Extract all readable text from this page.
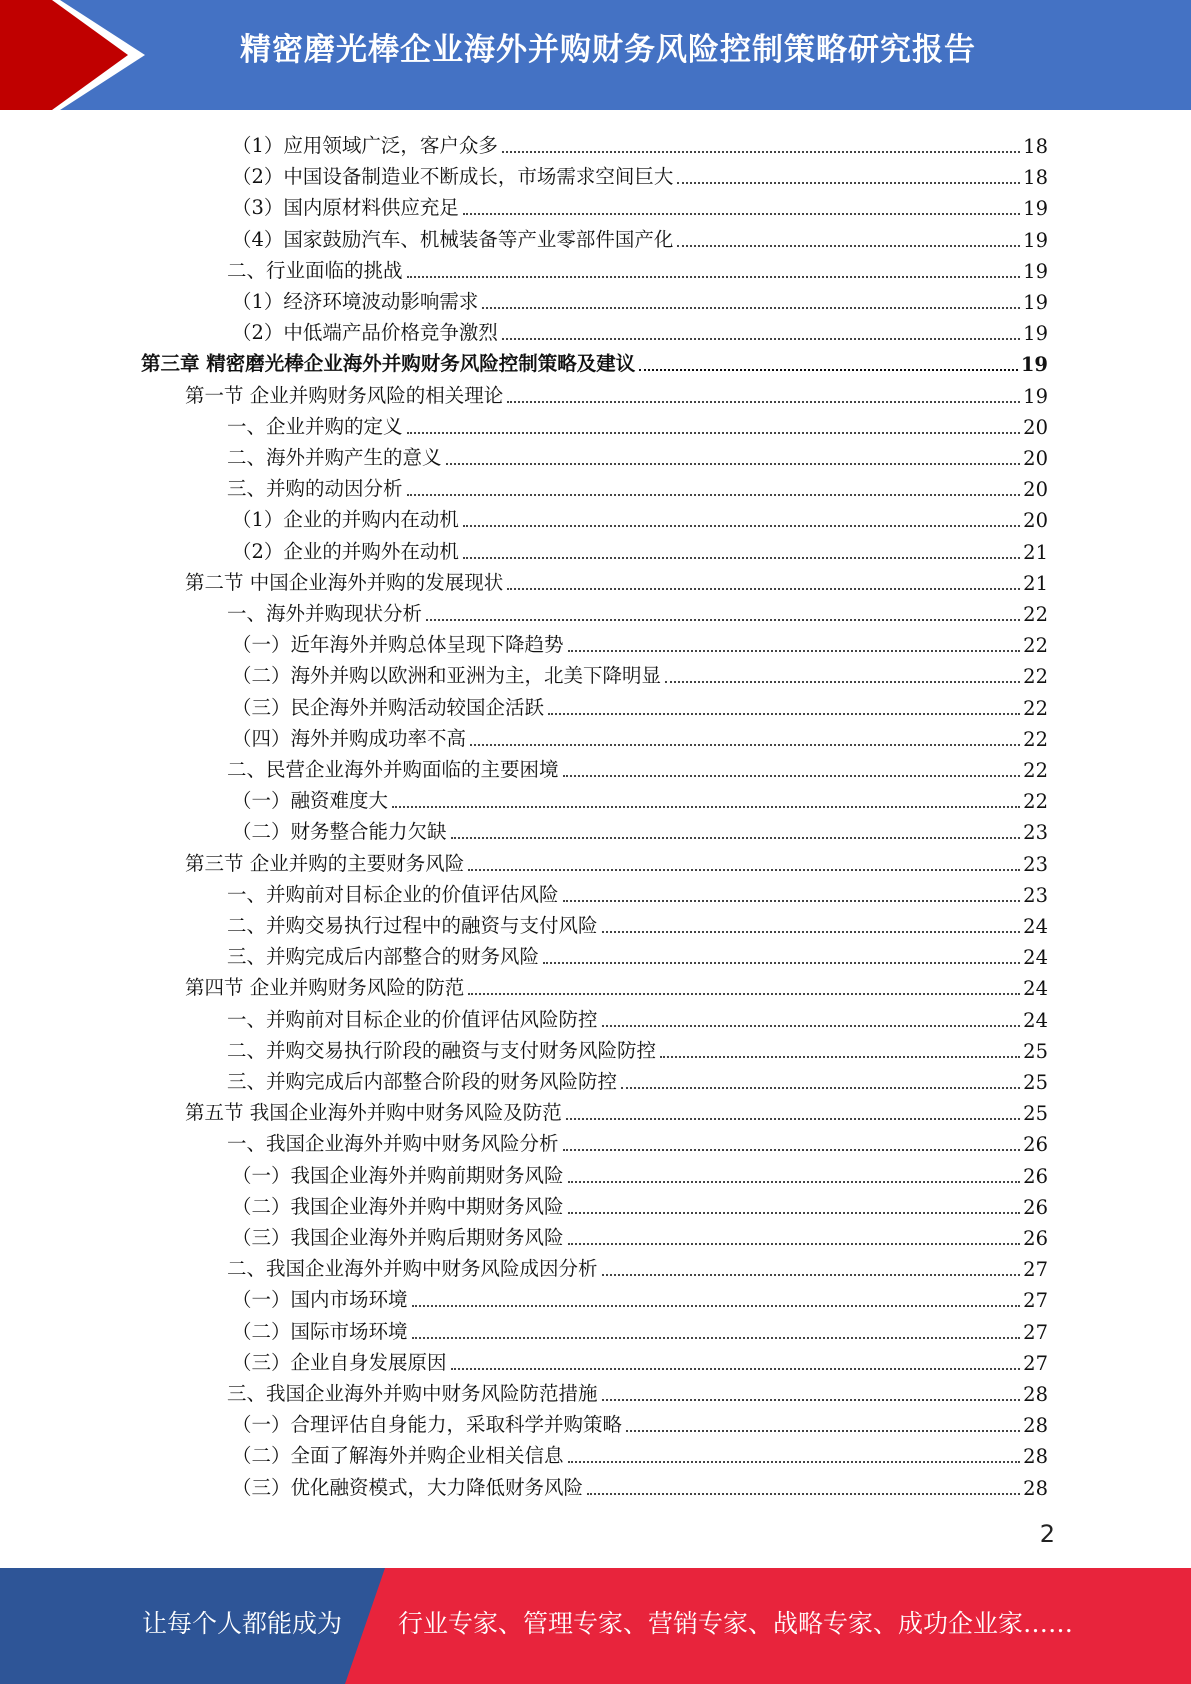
精密磨光棒企业海外并购财务风险控制策略研究报告
（1）应用领域广泛，客户众多	18
（2）中国设备制造业不断成长，市场需求空间巨大	18
（3）国内原材料供应充足	19
（4）国家鼓励汽车、机械装备等产业零部件国产化	19
二、行业面临的挑战	19
（1）经济环境波动影响需求	19
（2）中低端产品价格竞争激烈	19
第三章 精密磨光棒企业海外并购财务风险控制策略及建议	19
第一节 企业并购财务风险的相关理论	19
一、企业并购的定义	20
二、海外并购产生的意义	20
三、并购的动因分析	20
（1）企业的并购内在动机	20
（2）企业的并购外在动机	21
第二节 中国企业海外并购的发展现状	21
一、海外并购现状分析	22
（一）近年海外并购总体呈现下降趋势	22
（二）海外并购以欧洲和亚洲为主，北美下降明显	22
（三）民企海外并购活动较国企活跃	22
（四）海外并购成功率不高	22
二、民营企业海外并购面临的主要困境	22
（一）融资难度大	22
（二）财务整合能力欠缺	23
第三节 企业并购的主要财务风险	23
一、并购前对目标企业的价值评估风险	23
二、并购交易执行过程中的融资与支付风险	24
三、并购完成后内部整合的财务风险	24
第四节 企业并购财务风险的防范	24
一、并购前对目标企业的价值评估风险防控	24
二、并购交易执行阶段的融资与支付财务风险防控	25
三、并购完成后内部整合阶段的财务风险防控	25
第五节 我国企业海外并购中财务风险及防范	25
一、我国企业海外并购中财务风险分析	26
（一）我国企业海外并购前期财务风险	26
（二）我国企业海外并购中期财务风险	26
（三）我国企业海外并购后期财务风险	26
二、我国企业海外并购中财务风险成因分析	27
（一）国内市场环境	27
（二）国际市场环境	27
（三）企业自身发展原因	27
三、我国企业海外并购中财务风险防范措施	28
（一）合理评估自身能力，采取科学并购策略	28
（二）全面了解海外并购企业相关信息	28
（三）优化融资模式，大力降低财务风险	28
2
让每个人都能成为 行业专家、管理专家、营销专家、战略专家、成功企业家……
